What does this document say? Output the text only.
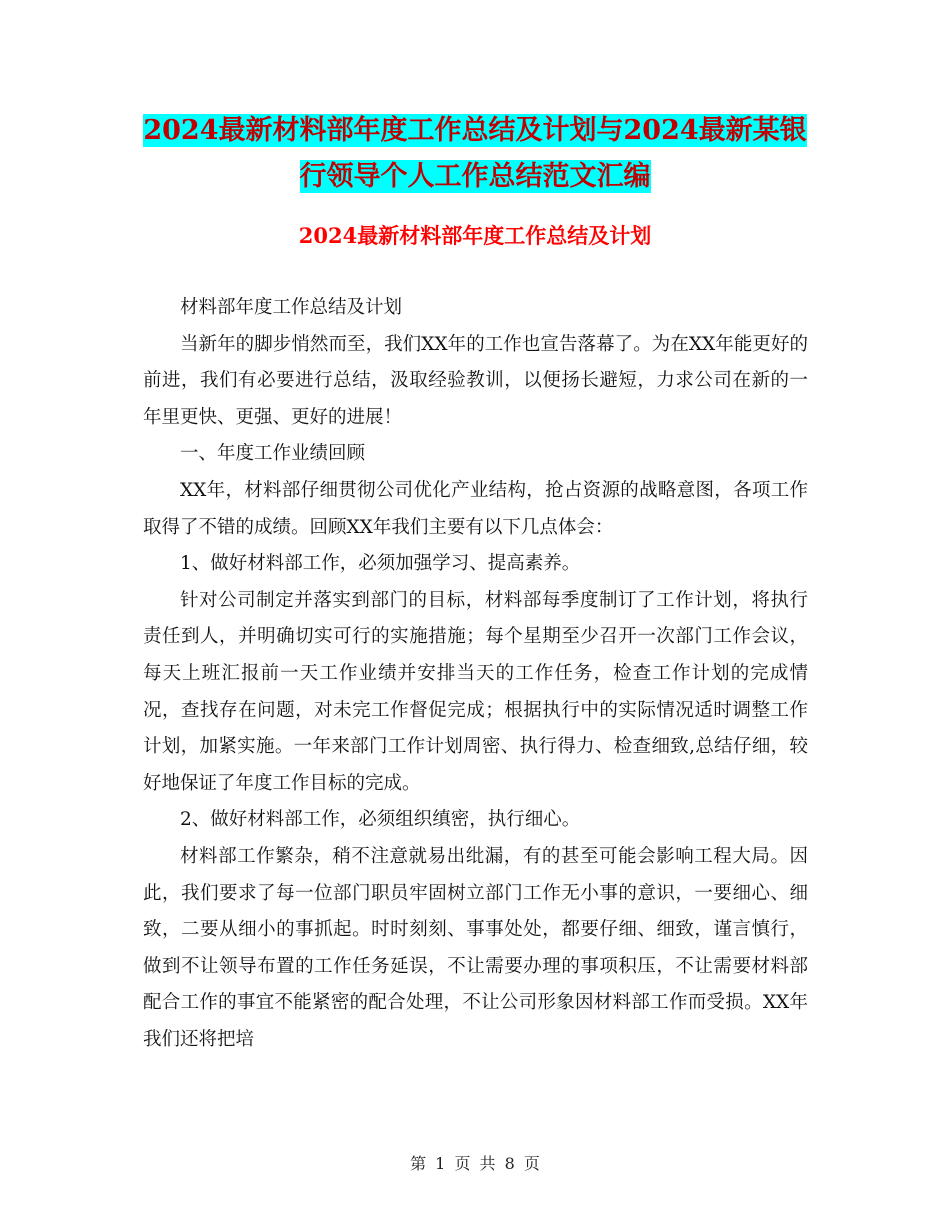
2024最新材料部年度工作总结及计划与2024最新某银
行领导个人工作总结范文汇编
2024最新材料部年度工作总结及计划

材料部年度工作总结及计划

当新年的脚步悄然而至，我们XX年的工作也宣告落幕了。为在XX年能更好的前进，我们有必要进行总结，汲取经验教训，以便扬长避短，力求公司在新的一年里更快、更强、更好的进展！

一、年度工作业绩回顾

XX年，材料部仔细贯彻公司优化产业结构，抢占资源的战略意图，各项工作取得了不错的成绩。回顾XX年我们主要有以下几点体会：

1、做好材料部工作，必须加强学习、提高素养。

针对公司制定并落实到部门的目标，材料部每季度制订了工作计划，将执行责任到人，并明确切实可行的实施措施；每个星期至少召开一次部门工作会议，每天上班汇报前一天工作业绩并安排当天的工作任务，检查工作计划的完成情况，查找存在问题，对未完工作督促完成；根据执行中的实际情况适时调整工作计划，加紧实施。一年来部门工作计划周密、执行得力、检查细致,总结仔细，较好地保证了年度工作目标的完成。

2、做好材料部工作，必须组织缜密，执行细心。

材料部工作繁杂，稍不注意就易出纰漏，有的甚至可能会影响工程大局。因此，我们要求了每一位部门职员牢固树立部门工作无小事的意识，一要细心、细致，二要从细小的事抓起。时时刻刻、事事处处，都要仔细、细致，谨言慎行，做到不让领导布置的工作任务延误，不让需要办理的事项积压，不让需要材料部配合工作的事宜不能紧密的配合处理，不让公司形象因材料部工作而受损。XX年我们还将把培

第 1 页 共 8 页
